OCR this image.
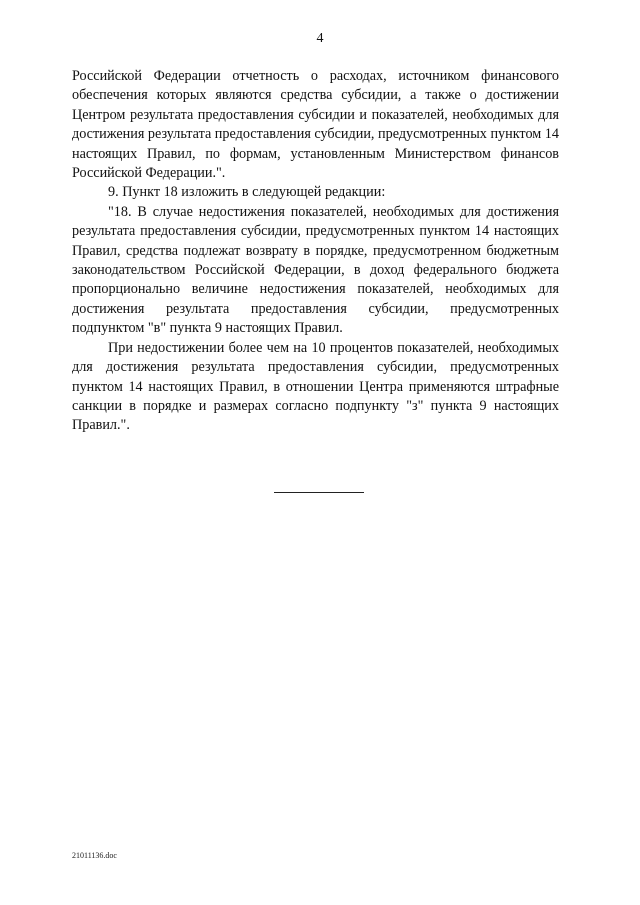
4

Российской Федерации отчетность о расходах, источником финансового обеспечения которых являются средства субсидии, а также о достижении Центром результата предоставления субсидии и показателей, необходимых для достижения результата предоставления субсидии, предусмотренных пунктом 14 настоящих Правил, по формам, установленным Министерством финансов Российской Федерации.".

9. Пункт 18 изложить в следующей редакции:

"18. В случае недостижения показателей, необходимых для достижения результата предоставления субсидии, предусмотренных пунктом 14 настоящих Правил, средства подлежат возврату в порядке, предусмотренном бюджетным законодательством Российской Федерации, в доход федерального бюджета пропорционально величине недостижения показателей, необходимых для достижения результата предоставления субсидии, предусмотренных подпунктом "в" пункта 9 настоящих Правил.

При недостижении более чем на 10 процентов показателей, необходимых для достижения результата предоставления субсидии, предусмотренных пунктом 14 настоящих Правил, в отношении Центра применяются штрафные санкции в порядке и размерах согласно подпункту "з" пункта 9 настоящих Правил.".

21011136.doc
